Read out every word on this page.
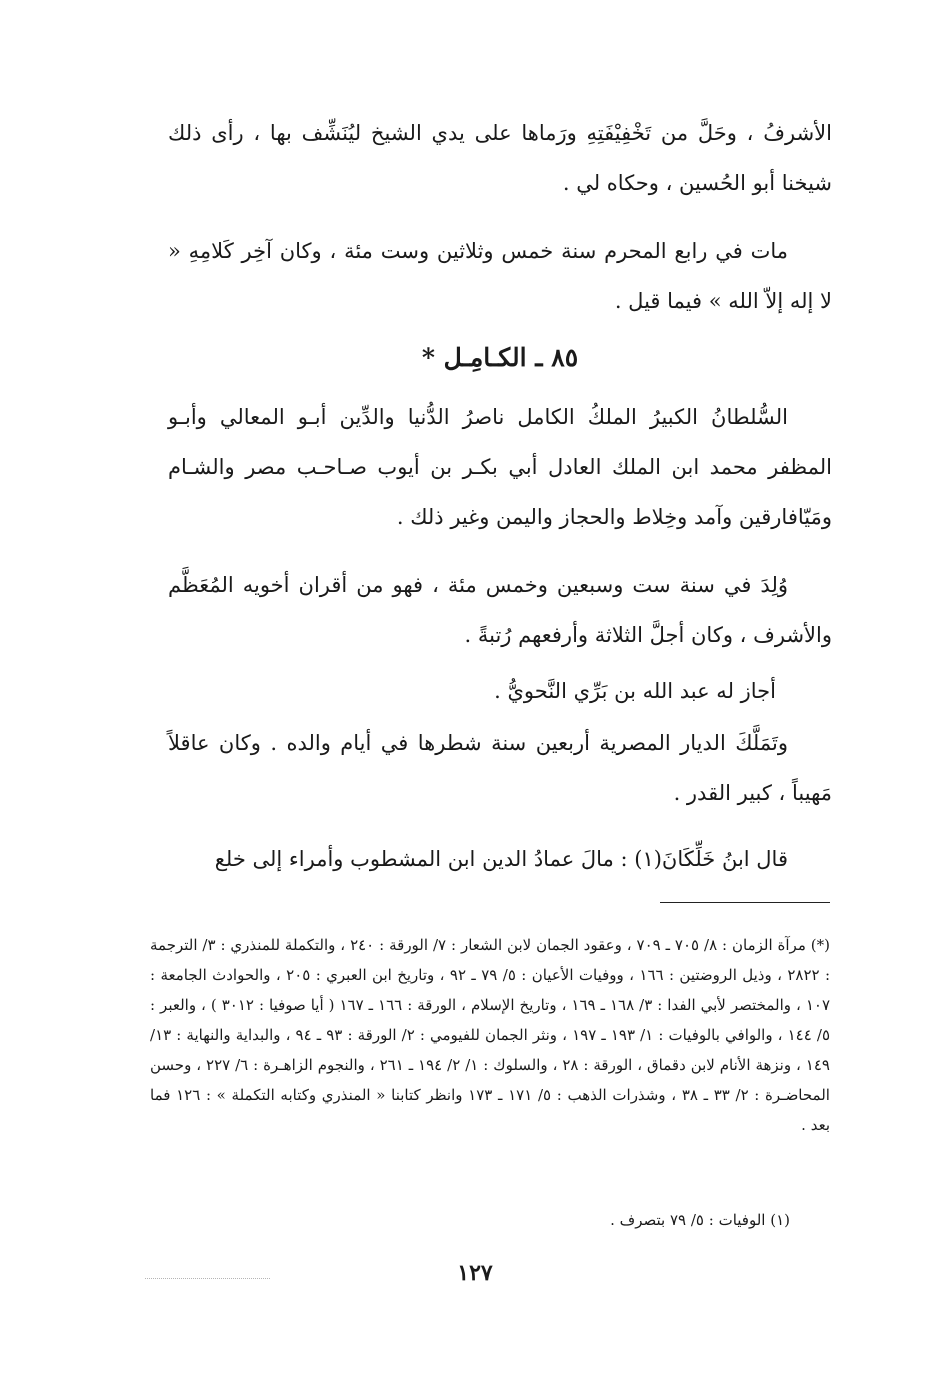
الأشرفُ ، وحَلَّ من تَخْفِيْفَتِهِ ورَماها على يدي الشيخ ليُنَشِّف بها ، رأى ذلك شيخنا أبو الحُسين ، وحكاه لي .

مات في رابع المحرم سنة خمس وثلاثين وست مئة ، وكان آخِر كَلامِهِ « لا إله إلاّ الله » فيما قيل .

٨٥ ـ الكـامِـل *

السُّلطانُ الكبيرُ الملكُ الكامل ناصرُ الدُّنيا والدِّين أبـو المعالي وأبـو المظفر محمد ابن الملك العادل أبي بكـر بن أيوب صـاحـب مصر والشـام ومَيّافارقين وآمد وخِلاط والحجاز واليمن وغير ذلك .

وُلِدَ في سنة ست وسبعين وخمس مئة ، فهو من أقران أخويه المُعَظَّم والأشرف ، وكان أجلَّ الثلاثة وأرفعهم رُتبةً .

أجاز له عبد الله بن بَرِّي النَّحويُّ .

وتَمَلَّكَ الديار المصرية أربعين سنة شطرها في أيام والده . وكان عاقلاً مَهيباً ، كبير القدر .

قال ابنُ خَلِّكَانَ(١) : مالَ عمادُ الدين ابن المشطوب وأمراء إلى خلع

(*) مرآة الزمان : ٨/ ٧٠٥ ـ ٧٠٩ ، وعقود الجمان لابن الشعار : ٧/ الورقة : ٢٤٠ ، والتكملة للمنذري : ٣/ الترجمة : ٢٨٢٢ ، وذيل الروضتين : ١٦٦ ، ووفيات الأعيان : ٥/ ٧٩ ـ ٩٢ ، وتاريخ ابن العبري : ٢٠٥ ، والحوادث الجامعة : ١٠٧ ، والمختصر لأبي الفدا : ٣/ ١٦٨ ـ ١٦٩ ، وتاريخ الإسلام ، الورقة : ١٦٦ ـ ١٦٧ ( أيا صوفيا : ٣٠١٢ ) ، والعبر : ٥/ ١٤٤ ، والوافي بالوفيات : ١/ ١٩٣ ـ ١٩٧ ، ونثر الجمان للفيومي : ٢/ الورقة : ٩٣ ـ ٩٤ ، والبداية والنهاية : ١٣/ ١٤٩ ، ونزهة الأنام لابن دقماق ، الورقة : ٢٨ ، والسلوك : ١/ ٢/ ١٩٤ ـ ٢٦١ ، والنجوم الزاهـرة : ٦/ ٢٢٧ ، وحسن المحاضـرة : ٢/ ٣٣ ـ ٣٨ ، وشذرات الذهب : ٥/ ١٧١ ـ ١٧٣ وانظر كتابنا « المنذري وكتابه التكملة » : ١٢٦ فما بعد .

(١) الوفيات : ٥/ ٧٩ بتصرف .

١٢٧
